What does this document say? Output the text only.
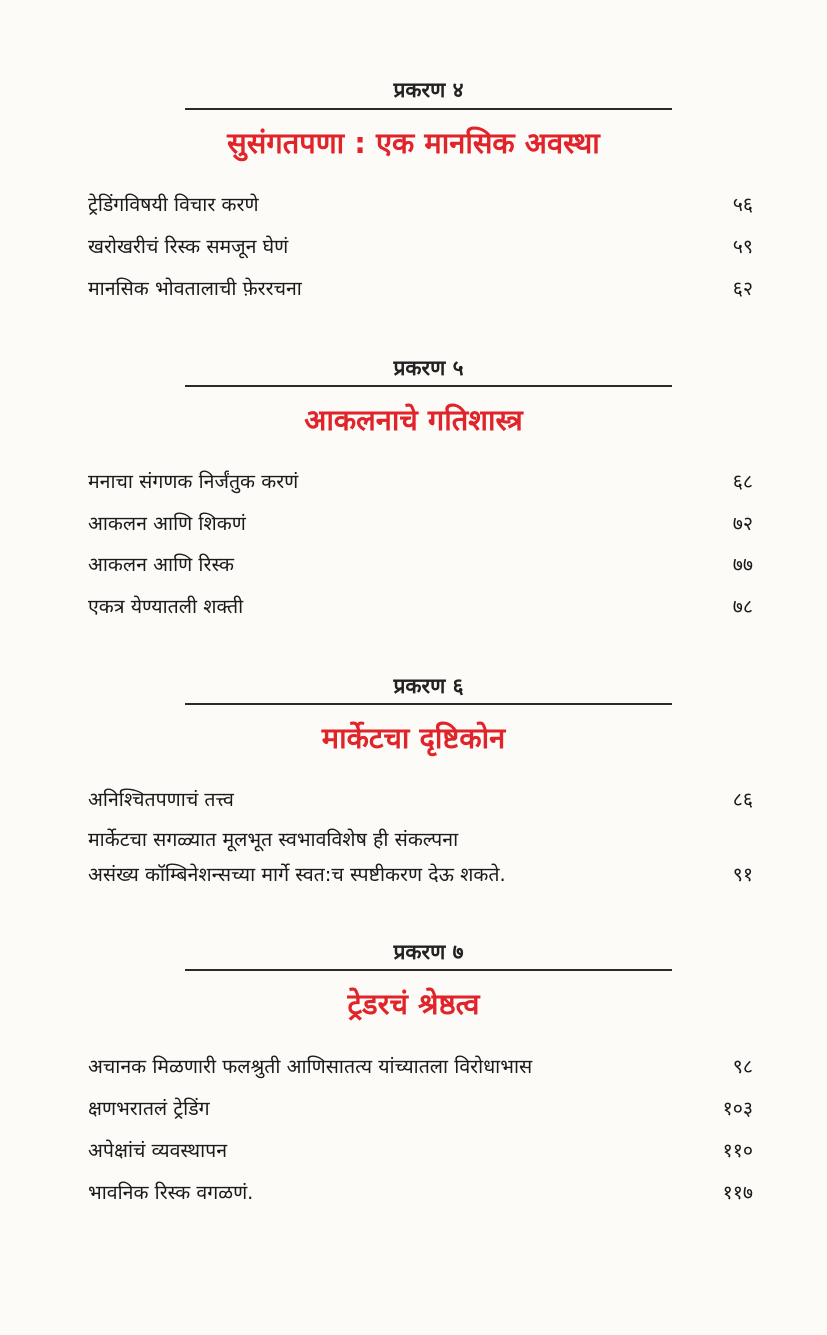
प्रकरण ४
सुसंगतपणा : एक मानसिक अवस्था
ट्रेडिंगविषयी विचार करणे	५६
खरोखरीचं रिस्क समजून घेणं	५९
मानसिक भोवतालाची फ़ेररचना	६२
प्रकरण ५
आकलनाचे गतिशास्त्र
मनाचा संगणक निर्जंतुक करणं	६८
आकलन आणि शिकणं	७२
आकलन आणि रिस्क	७७
एकत्र येण्यातली शक्ती	७८
प्रकरण ६
मार्केटचा दृष्टिकोन
अनिश्चितपणाचं तत्त्व	८६
मार्केटचा सगळ्यात मूलभूत स्वभावविशेष ही संकल्पना
असंख्य कॉम्बिनेशन्सच्या मार्गे स्वत:च स्पष्टीकरण देऊ शकते.	९१
प्रकरण ७
ट्रेडरचं श्रेष्ठत्व
अचानक मिळणारी फलश्रुती आणिसातत्य यांच्यातला विरोधाभास	९८
क्षणभरातलं ट्रेडिंग	१०३
अपेक्षांचं व्यवस्थापन	११०
भावनिक रिस्क वगळणं.	११७
